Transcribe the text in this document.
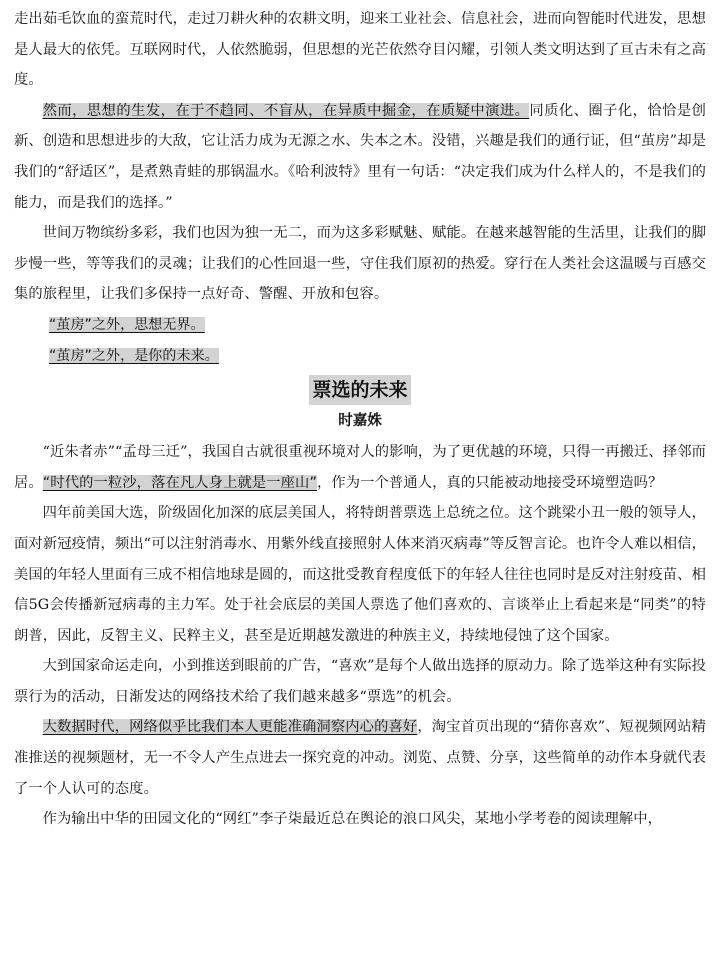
走出茹毛饮血的蛮荒时代，走过刀耕火种的农耕文明，迎来工业社会、信息社会，进而向智能时代进发，思想是人最大的依凭。互联网时代，人依然脆弱，但思想的光芒依然夺目闪耀，引领人类文明达到了亘古未有之高度。

然而，思想的生发，在于不趋同、不盲从，在异质中掘金，在质疑中演进。同质化、圈子化，恰恰是创新、创造和思想进步的大敌，它让活力成为无源之水、失本之木。没错，兴趣是我们的通行证，但“茧房”却是我们的“舒适区”，是煮熟青蛙的那锅温水。《哈利波特》里有一句话：“决定我们成为什么样人的，不是我们的能力，而是我们的选择。”

世间万物缤纷多彩，我们也因为独一无二，而为这多彩赋魅、赋能。在越来越智能的生活里，让我们的脚步慢一些，等等我们的灵魂；让我们的心性回退一些，守住我们原初的热爱。穿行在人类社会这温暖与百感交集的旅程里，让我们多保持一点好奇、警醒、开放和包容。

“茧房”之外，思想无界。

“茧房”之外，是你的未来。

票选的未来
时嘉姝

“近朱者赤”“孟母三迁”，我国自古就很重视环境对人的影响，为了更优越的环境，只得一再搬迁、择邻而居。“时代的一粒沙，落在凡人身上就是一座山”，作为一个普通人，真的只能被动地接受环境塑造吗？

四年前美国大选，阶级固化加深的底层美国人，将特朗普票选上总统之位。这个跳梁小丑一般的领导人，面对新冠疫情，频出“可以注射消毒水、用紫外线直接照射人体来消灭病毒”等反智言论。也许令人难以相信，美国的年轻人里面有三成不相信地球是圆的，而这批受教育程度低下的年轻人往往也同时是反对注射疫苗、相信5G会传播新冠病毒的主力军。处于社会底层的美国人票选了他们喜欢的、言谈举止上看起来是“同类”的特朗普，因此，反智主义、民粹主义，甚至是近期越发激进的种族主义，持续地侵蚀了这个国家。

大到国家命运走向，小到推送到眼前的广告，“喜欢”是每个人做出选择的原动力。除了选举这种有实际投票行为的活动，日渐发达的网络技术给了我们越来越多“票选”的机会。

大数据时代，网络似乎比我们本人更能准确洞察内心的喜好，淘宝首页出现的“猜你喜欢”、短视频网站精准推送的视频题材，无一不令人产生点进去一探究竟的冲动。浏览、点赞、分享，这些简单的动作本身就代表了一个人认可的态度。

作为输出中华的田园文化的“网红”李子柒最近总在舆论的浪口风尖，某地小学考卷的阅读理解中，
